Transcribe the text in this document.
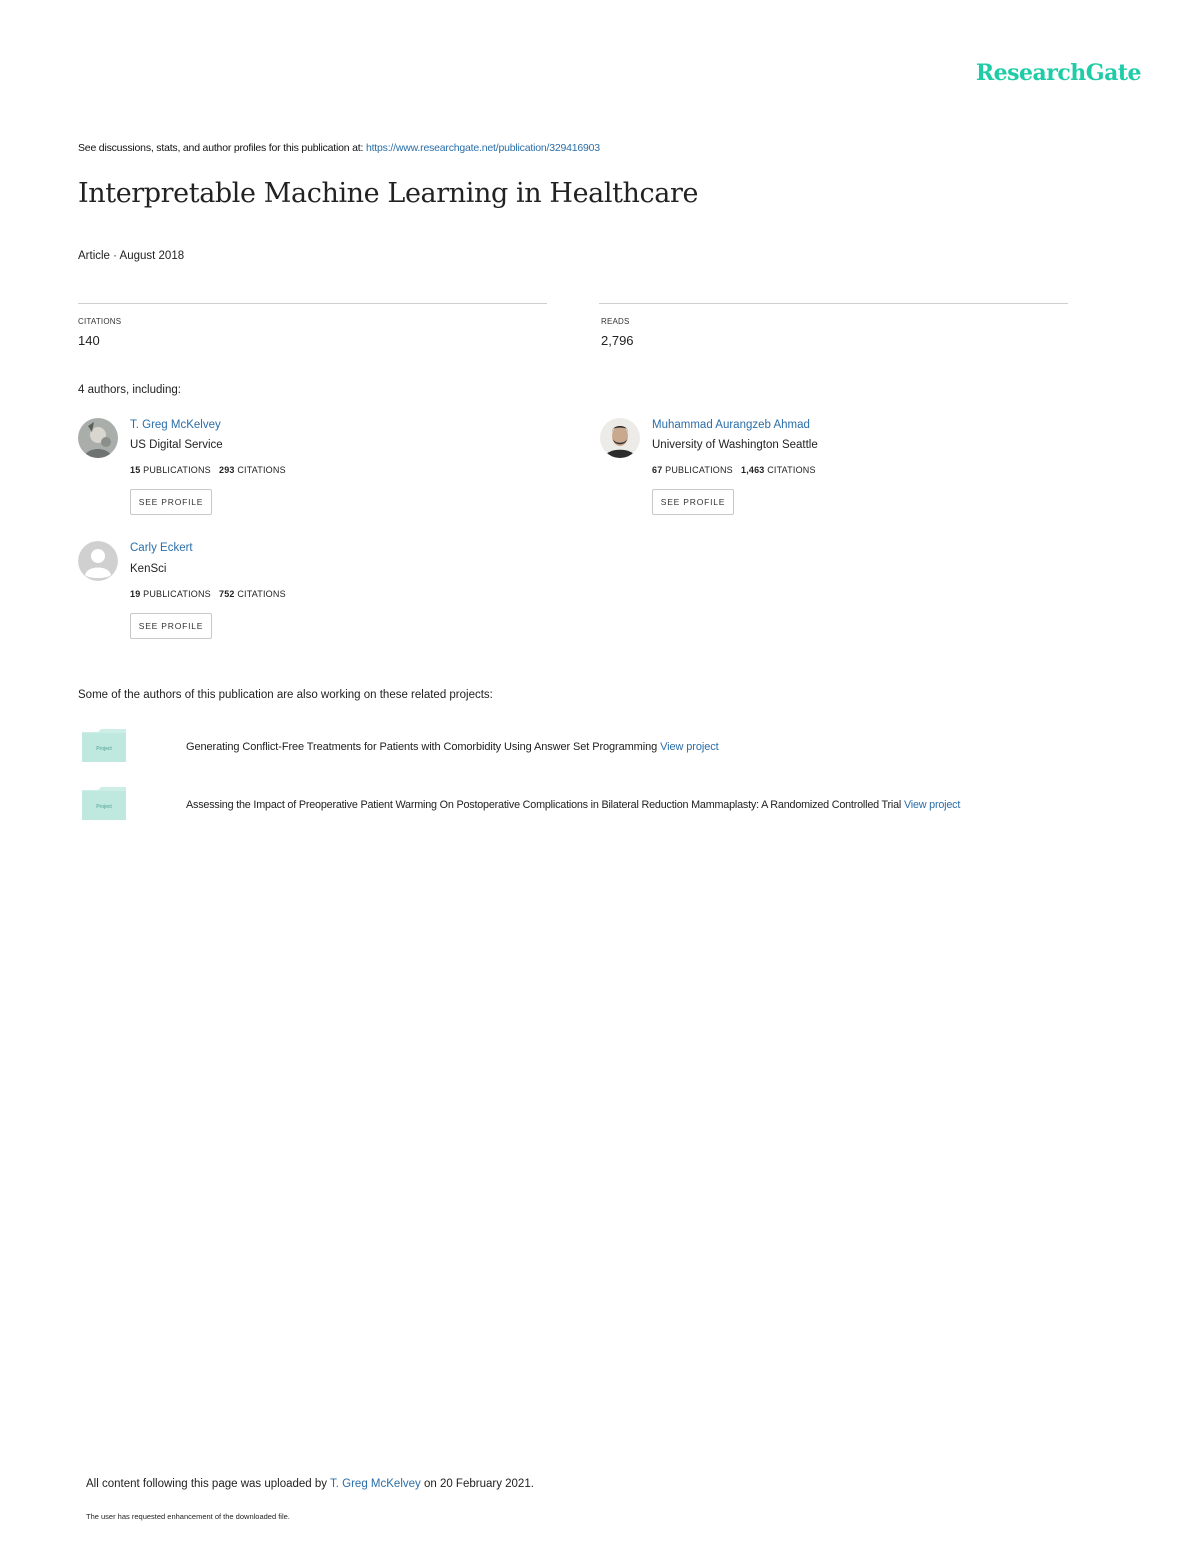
ResearchGate
See discussions, stats, and author profiles for this publication at: https://www.researchgate.net/publication/329416903
Interpretable Machine Learning in Healthcare
Article · August 2018
CITATIONS
140
READS
2,796
4 authors, including:
T. Greg McKelvey
US Digital Service
15 PUBLICATIONS 293 CITATIONS
SEE PROFILE
Muhammad Aurangzeb Ahmad
University of Washington Seattle
67 PUBLICATIONS 1,463 CITATIONS
SEE PROFILE
Carly Eckert
KenSci
19 PUBLICATIONS 752 CITATIONS
SEE PROFILE
Some of the authors of this publication are also working on these related projects:
Project	Generating Conflict-Free Treatments for Patients with Comorbidity Using Answer Set Programming View project
Project	Assessing the Impact of Preoperative Patient Warming On Postoperative Complications in Bilateral Reduction Mammaplasty: A Randomized Controlled Trial View project
All content following this page was uploaded by T. Greg McKelvey on 20 February 2021.
The user has requested enhancement of the downloaded file.
